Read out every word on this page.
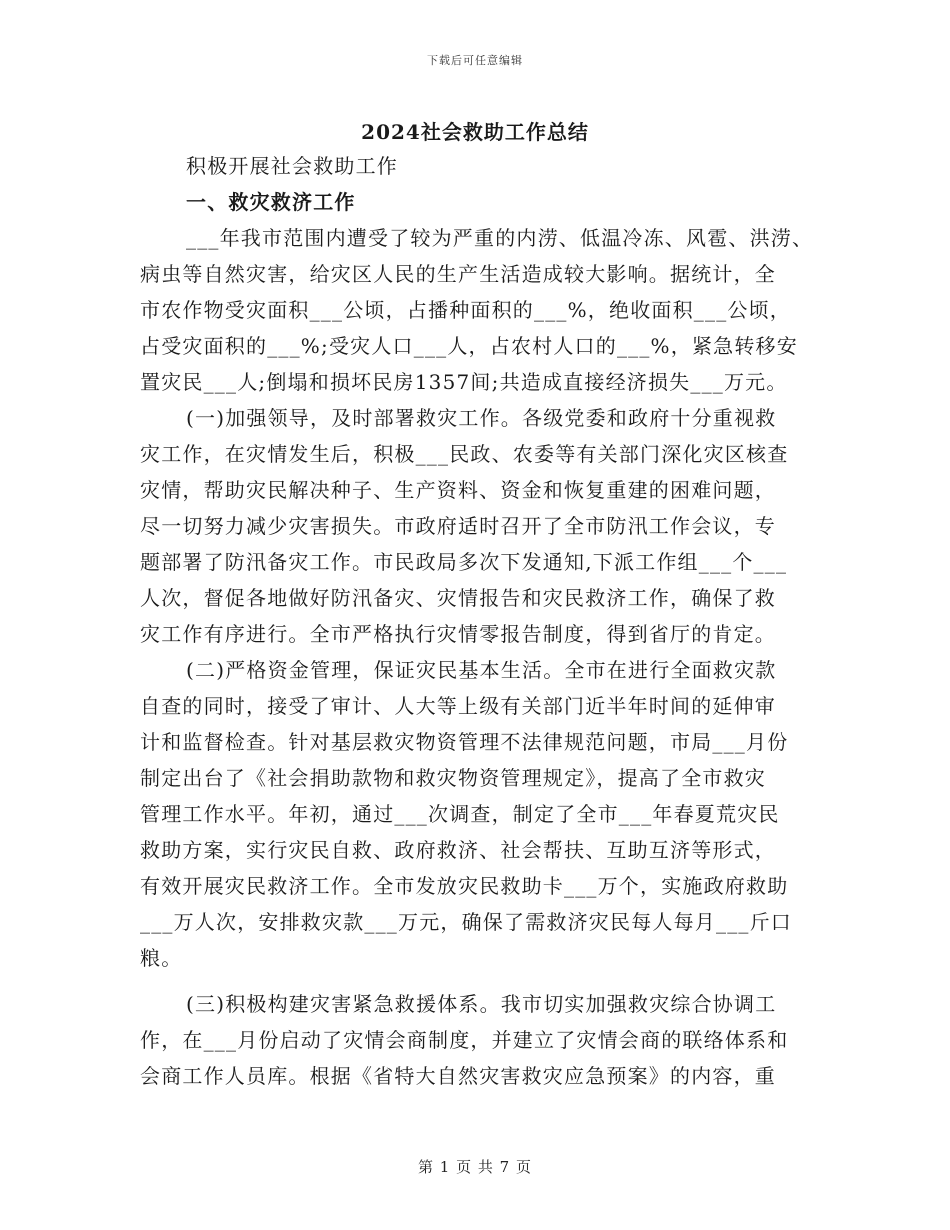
下载后可任意编辑
2024社会救助工作总结
积极开展社会救助工作
一、救灾救济工作
___年我市范围内遭受了较为严重的内涝、低温冷冻、风雹、洪涝、
病虫等自然灾害，给灾区人民的生产生活造成较大影响。据统计，全
市农作物受灾面积___公顷，占播种面积的___%，绝收面积___公顷，
占受灾面积的___%;受灾人口___人，占农村人口的___%，紧急转移安
置灾民___人;倒塌和损坏民房1357间;共造成直接经济损失___万元。
(一)加强领导，及时部署救灾工作。各级党委和政府十分重视救
灾工作，在灾情发生后，积极___民政、农委等有关部门深化灾区核查
灾情，帮助灾民解决种子、生产资料、资金和恢复重建的困难问题，
尽一切努力减少灾害损失。市政府适时召开了全市防汛工作会议，专
题部署了防汛备灾工作。市民政局多次下发通知,下派工作组___个___
人次，督促各地做好防汛备灾、灾情报告和灾民救济工作，确保了救
灾工作有序进行。全市严格执行灾情零报告制度，得到省厅的肯定。
(二)严格资金管理，保证灾民基本生活。全市在进行全面救灾款
自查的同时，接受了审计、人大等上级有关部门近半年时间的延伸审
计和监督检查。针对基层救灾物资管理不法律规范问题，市局___月份
制定出台了《社会捐助款物和救灾物资管理规定》，提高了全市救灾
管理工作水平。年初，通过___次调查，制定了全市___年春夏荒灾民
救助方案，实行灾民自救、政府救济、社会帮扶、互助互济等形式，
有效开展灾民救济工作。全市发放灾民救助卡___万个，实施政府救助
___万人次，安排救灾款___万元，确保了需救济灾民每人每月___斤口
粮。
(三)积极构建灾害紧急救援体系。我市切实加强救灾综合协调工
作，在___月份启动了灾情会商制度，并建立了灾情会商的联络体系和
会商工作人员库。根据《省特大自然灾害救灾应急预案》的内容，重
第 1 页 共 7 页
